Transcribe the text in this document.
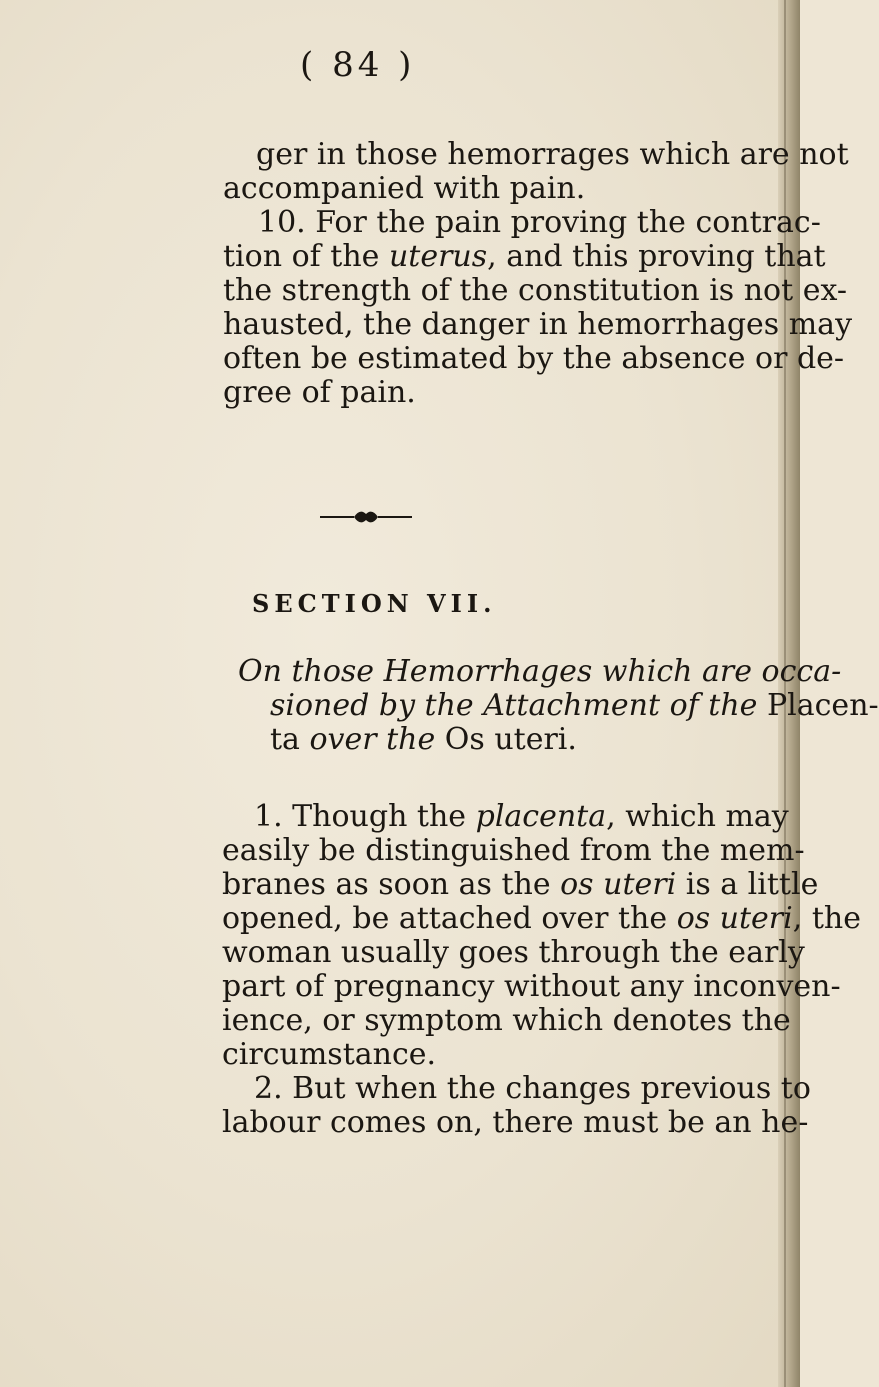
( 84 )
ger in those hemorrages which are not
accompanied with pain.
10. For the pain proving the contrac-
tion of the uterus, and this proving that
the strength of the constitution is not ex-
hausted, the danger in hemorrhages may
often be estimated by the absence or de-
gree of pain.
SECTION VII.
On those Hemorrhages which are occa-
sioned by the Attachment of the Placen-
ta over the Os uteri.
1. Though the placenta, which may
easily be distinguished from the mem-
branes as soon as the os uteri is a little
opened, be attached over the os uteri, the
woman usually goes through the early
part of pregnancy without any inconven-
ience, or symptom which denotes the
circumstance.
2. But when the changes previous to
labour comes on, there must be an he-
